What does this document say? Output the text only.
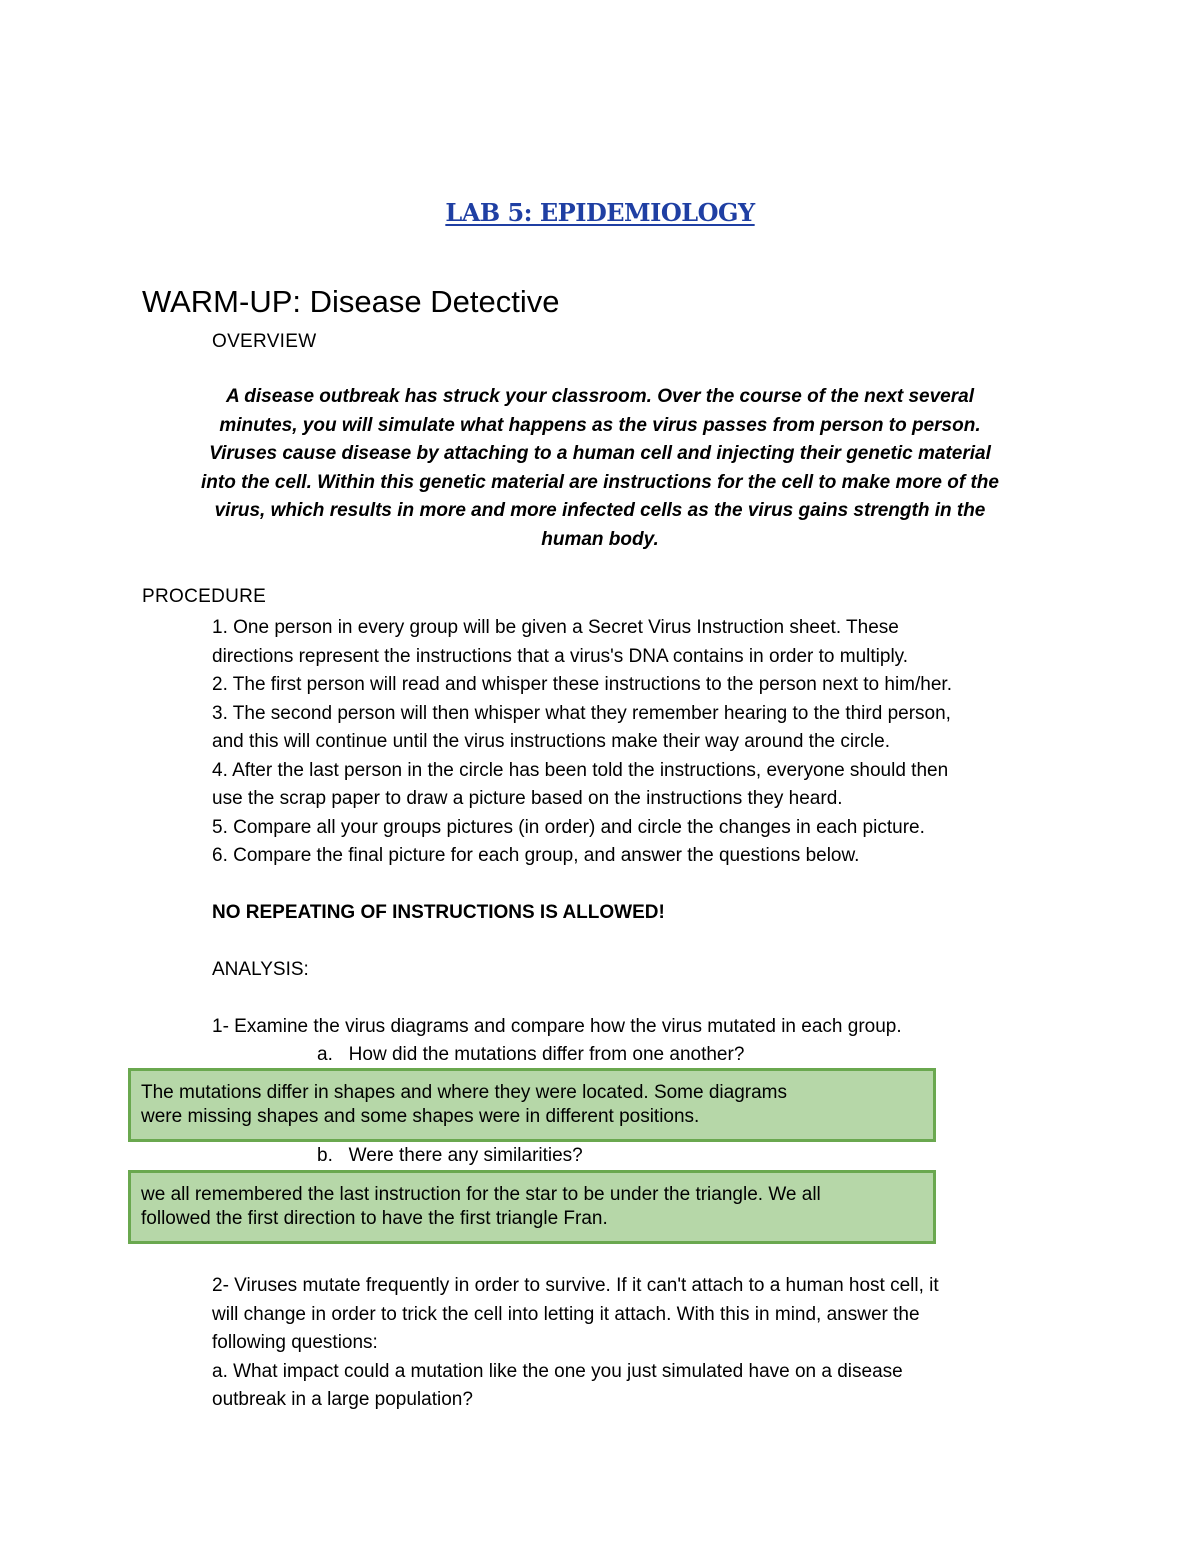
LAB 5: EPIDEMIOLOGY
WARM-UP: Disease Detective
OVERVIEW
A disease outbreak has struck your classroom. Over the course of the next several minutes, you will simulate what happens as the virus passes from person to person. Viruses cause disease by attaching to a human cell and injecting their genetic material into the cell. Within this genetic material are instructions for the cell to make more of the virus, which results in more and more infected cells as the virus gains strength in the human body.
PROCEDURE
1. One person in every group will be given a Secret Virus Instruction sheet. These
directions represent the instructions that a virus's DNA contains in order to multiply.
2. The first person will read and whisper these instructions to the person next to him/her.
3. The second person will then whisper what they remember hearing to the third person,
and this will continue until the virus instructions make their way around the circle.
4. After the last person in the circle has been told the instructions, everyone should then
use the scrap paper to draw a picture based on the instructions they heard.
5. Compare all your groups pictures (in order) and circle the changes in each picture.
6. Compare the final picture for each group, and answer the questions below.
NO REPEATING OF INSTRUCTIONS IS ALLOWED!
ANALYSIS:
1- Examine the virus diagrams and compare how the virus mutated in each group.
a.   How did the mutations differ from one another?
The mutations differ in shapes and where they were located. Some diagrams
were missing shapes and some shapes were in different positions.
b.   Were there any similarities?
we all remembered the last instruction for the star to be under the triangle. We all
followed the first direction to have the first triangle Fran.
2- Viruses mutate frequently in order to survive. If it can't attach to a human host cell, it
will change in order to trick the cell into letting it attach. With this in mind, answer the
following questions:
a. What impact could a mutation like the one you just simulated have on a disease
outbreak in a large population?
